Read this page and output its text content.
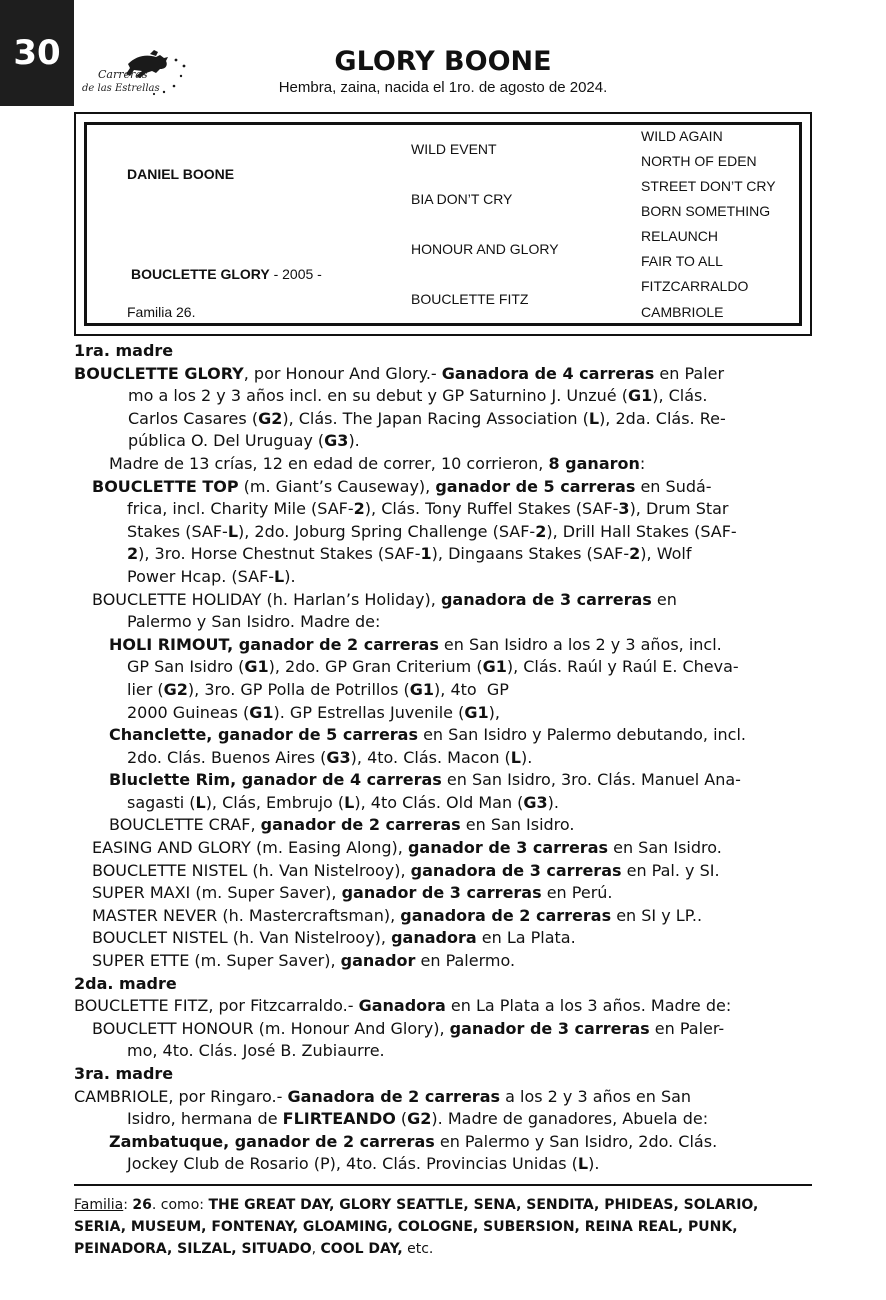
30
Carreras
de las Estrellas
GLORY BOONE
Hembra, zaina, nacida el 1ro. de agosto de 2024.
DANIEL BOONE
BOUCLETTE GLORY - 2005 -
Familia 26.
WILD EVENT
BIA DON’T CRY
HONOUR AND GLORY
BOUCLETTE FITZ
WILD AGAIN
NORTH OF EDEN
STREET DON’T CRY
BORN SOMETHING
RELAUNCH
FAIR TO ALL
FITZCARRALDO
CAMBRIOLE
1ra. madre
BOUCLETTE GLORY, por Honour And Glory.- Ganadora de 4 carreras en Paler
mo a los 2 y 3 años incl. en su debut y GP Saturnino J. Unzué (G1), Clás.
Carlos Casares (G2), Clás. The Japan Racing Association (L), 2da. Clás. Re-
pública O. Del Uruguay (G3).
Madre de 13 crías, 12 en edad de correr, 10 corrieron, 8 ganaron:
BOUCLETTE TOP (m. Giant’s Causeway), ganador de 5 carreras en Sudá-
frica, incl. Charity Mile (SAF-2), Clás. Tony Ruffel Stakes (SAF-3), Drum Star
Stakes (SAF-L), 2do. Joburg Spring Challenge (SAF-2), Drill Hall Stakes (SAF-
2), 3ro. Horse Chestnut Stakes (SAF-1), Dingaans Stakes (SAF-2), Wolf
Power Hcap. (SAF-L).
BOUCLETTE HOLIDAY (h. Harlan’s Holiday), ganadora de 3 carreras en
Palermo y San Isidro. Madre de:
HOLI RIMOUT, ganador de 2 carreras en San Isidro a los 2 y 3 años, incl.
GP San Isidro (G1), 2do. GP Gran Criterium (G1), Clás. Raúl y Raúl E. Cheva-
lier (G2), 3ro. GP Polla de Potrillos (G1), 4to  GP
2000 Guineas (G1). GP Estrellas Juvenile (G1),
Chanclette, ganador de 5 carreras en San Isidro y Palermo debutando, incl.
2do. Clás. Buenos Aires (G3), 4to. Clás. Macon (L).
Bluclette Rim, ganador de 4 carreras en San Isidro, 3ro. Clás. Manuel Ana-
sagasti (L), Clás, Embrujo (L), 4to Clás. Old Man (G3).
BOUCLETTE CRAF, ganador de 2 carreras en San Isidro.
EASING AND GLORY (m. Easing Along), ganador de 3 carreras en San Isidro.
BOUCLETTE NISTEL (h. Van Nistelrooy), ganadora de 3 carreras en Pal. y SI.
SUPER MAXI (m. Super Saver), ganador de 3 carreras en Perú.
MASTER NEVER (h. Mastercraftsman), ganadora de 2 carreras en SI y LP..
BOUCLET NISTEL (h. Van Nistelrooy), ganadora en La Plata.
SUPER ETTE (m. Super Saver), ganador en Palermo.
2da. madre
BOUCLETTE FITZ, por Fitzcarraldo.- Ganadora en La Plata a los 3 años. Madre de:
BOUCLETT HONOUR (m. Honour And Glory), ganador de 3 carreras en Paler-
mo, 4to. Clás. José B. Zubiaurre.
3ra. madre
CAMBRIOLE, por Ringaro.- Ganadora de 2 carreras a los 2 y 3 años en San
Isidro, hermana de FLIRTEANDO (G2). Madre de ganadores, Abuela de:
Zambatuque, ganador de 2 carreras en Palermo y San Isidro, 2do. Clás.
Jockey Club de Rosario (P), 4to. Clás. Provincias Unidas (L).
Familia: 26. como: THE GREAT DAY, GLORY SEATTLE, SENA, SENDITA, PHIDEAS, SOLARIO,
SERIA, MUSEUM, FONTENAY, GLOAMING, COLOGNE, SUBERSION, REINA REAL, PUNK,
PEINADORA, SILZAL, SITUADO, COOL DAY, etc.
